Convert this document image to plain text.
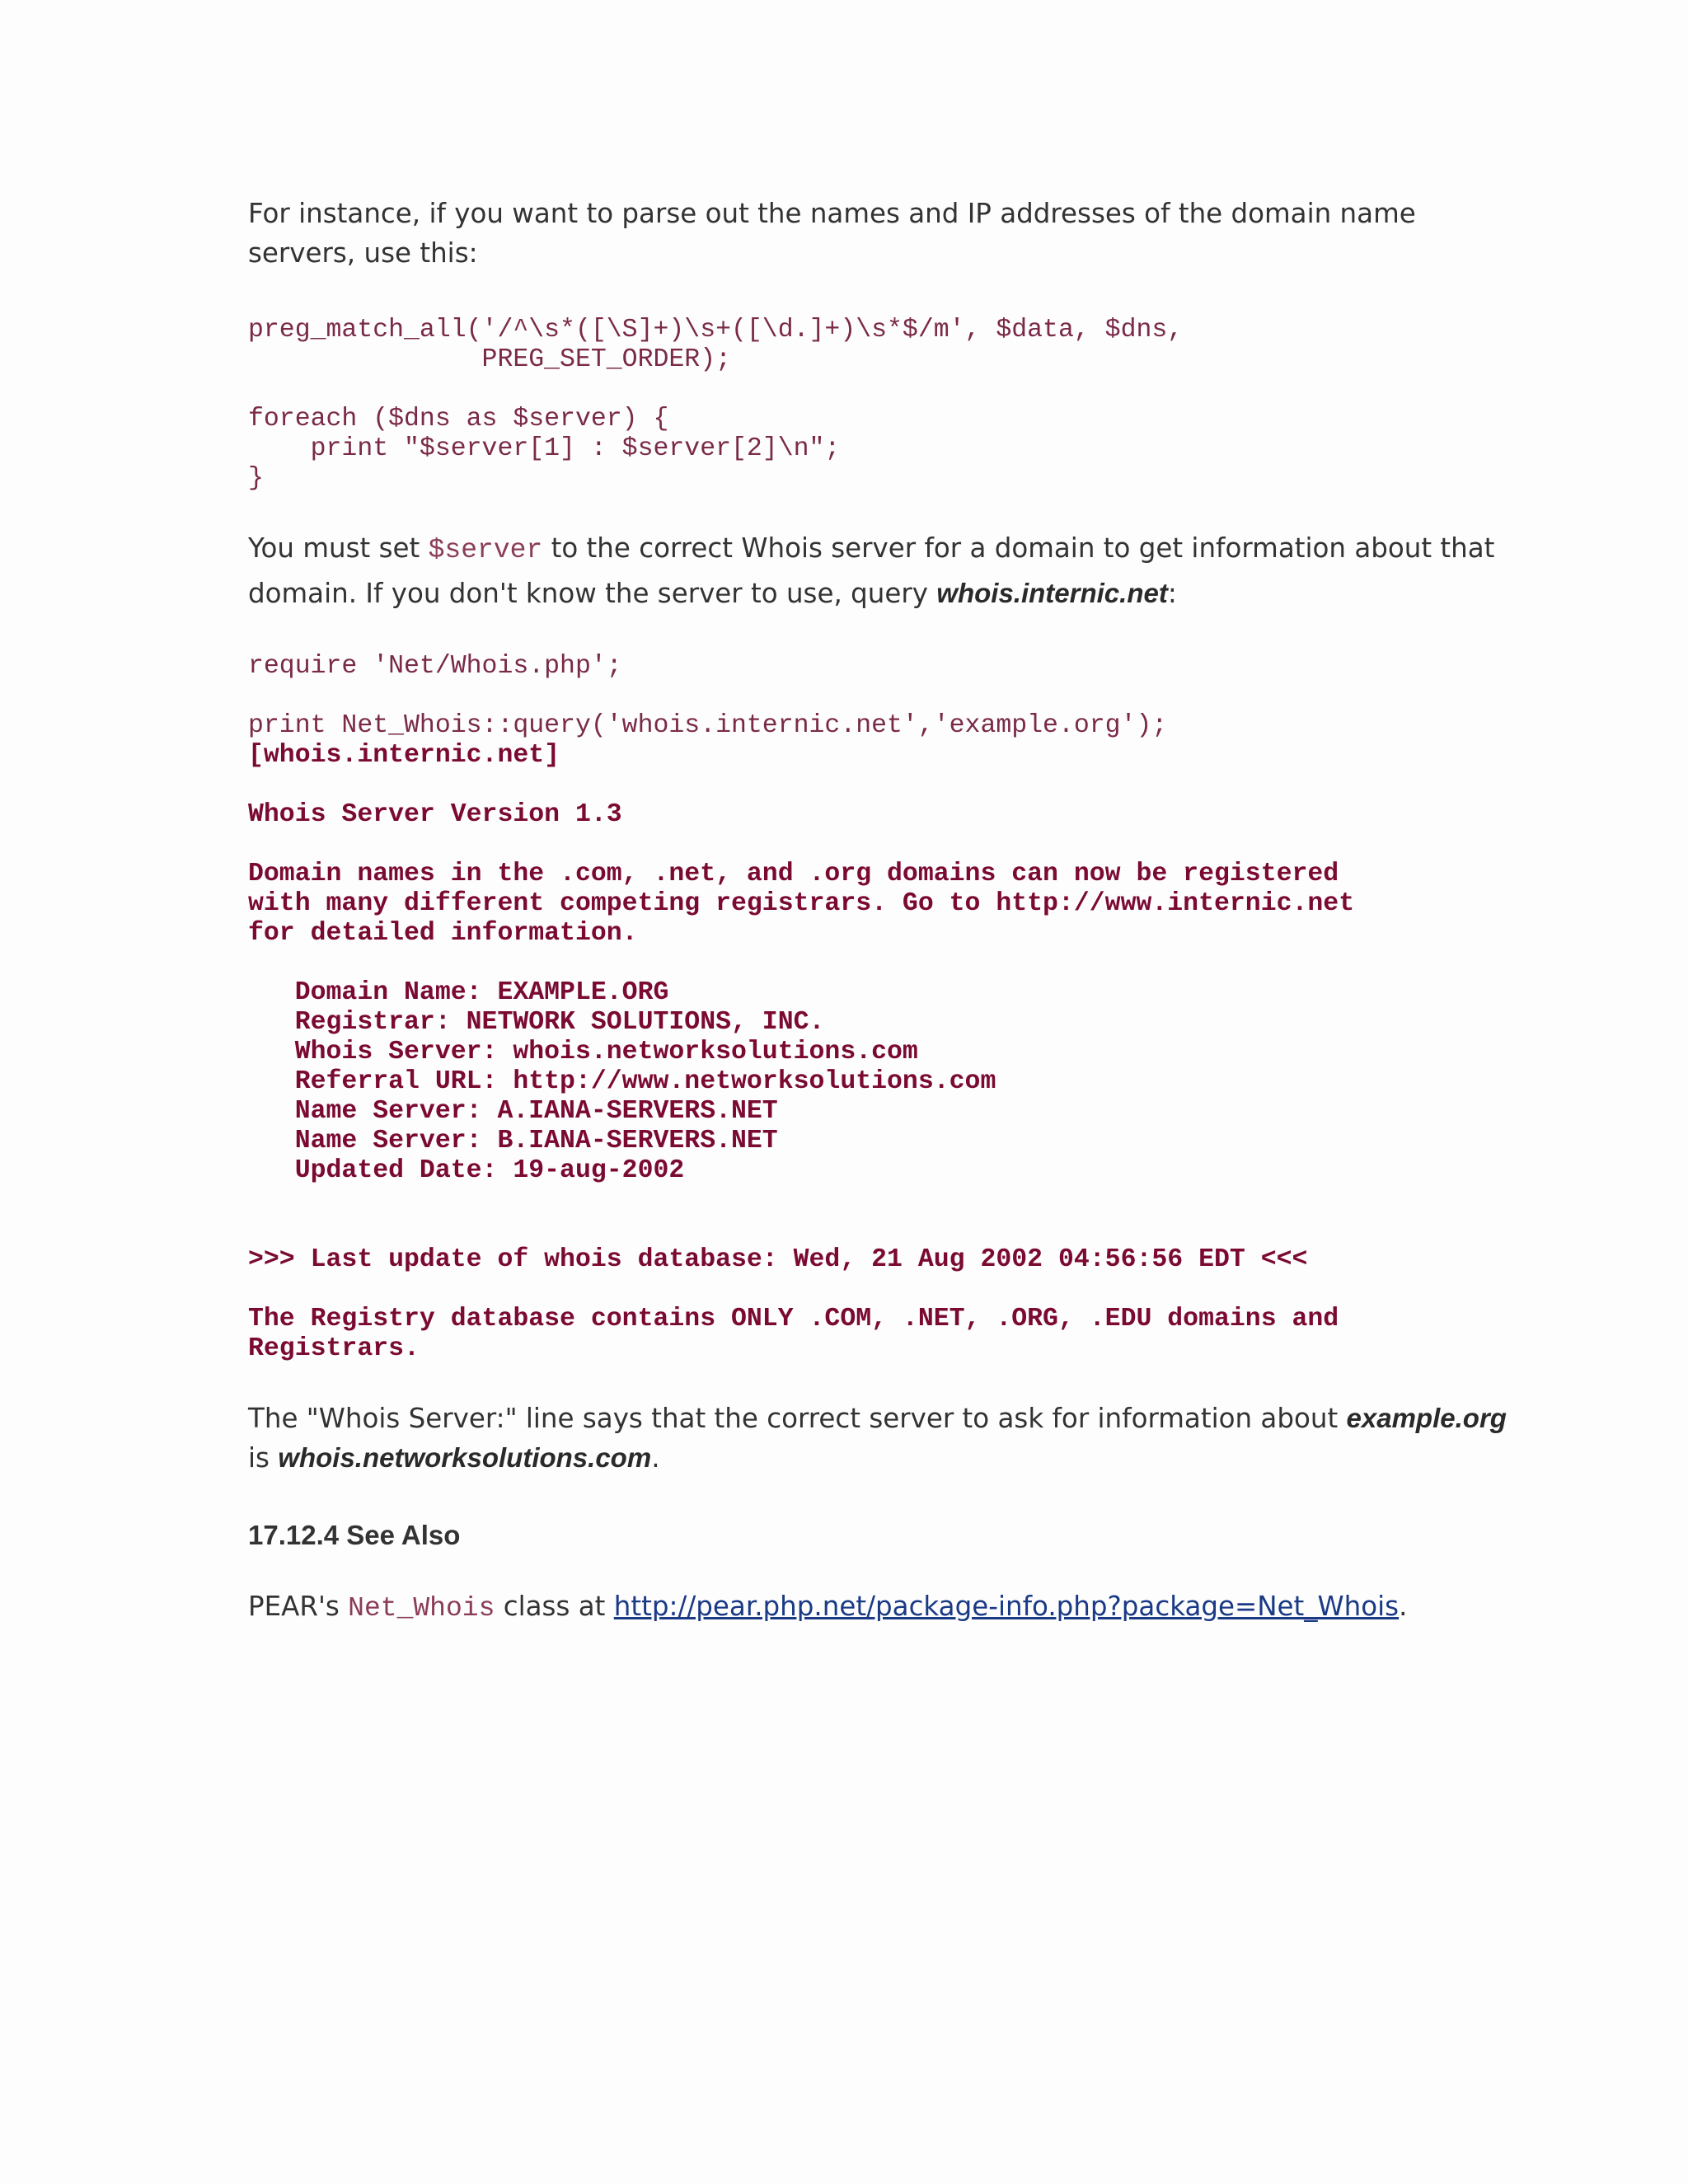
For instance, if you want to parse out the names and IP addresses of the domain name
servers, use this:

preg_match_all('/^\s*([\S]+)\s+([\d.]+)\s*$/m', $data, $dns,
PREG_SET_ORDER);

foreach ($dns as $server) {
print "$server[1] : $server[2]\n";
}

You must set $server to the correct Whois server for a domain to get information about that
domain. If you don't know the server to use, query whois.internic.net:

require 'Net/Whois.php';

print Net_Whois::query('whois.internic.net','example.org');
[whois.internic.net]

Whois Server Version 1.3

Domain names in the .com, .net, and .org domains can now be registered
with many different competing registrars. Go to http://www.internic.net
for detailed information.

Domain Name: EXAMPLE.ORG
Registrar: NETWORK SOLUTIONS, INC.
Whois Server: whois.networksolutions.com
Referral URL: http://www.networksolutions.com
Name Server: A.IANA-SERVERS.NET
Name Server: B.IANA-SERVERS.NET
Updated Date: 19-aug-2002

>>> Last update of whois database: Wed, 21 Aug 2002 04:56:56 EDT <<<

The Registry database contains ONLY .COM, .NET, .ORG, .EDU domains and
Registrars.

The "Whois Server:" line says that the correct server to ask for information about example.org
is whois.networksolutions.com.

17.12.4 See Also

PEAR's Net_Whois class at http://pear.php.net/package-info.php?package=Net_Whois.
